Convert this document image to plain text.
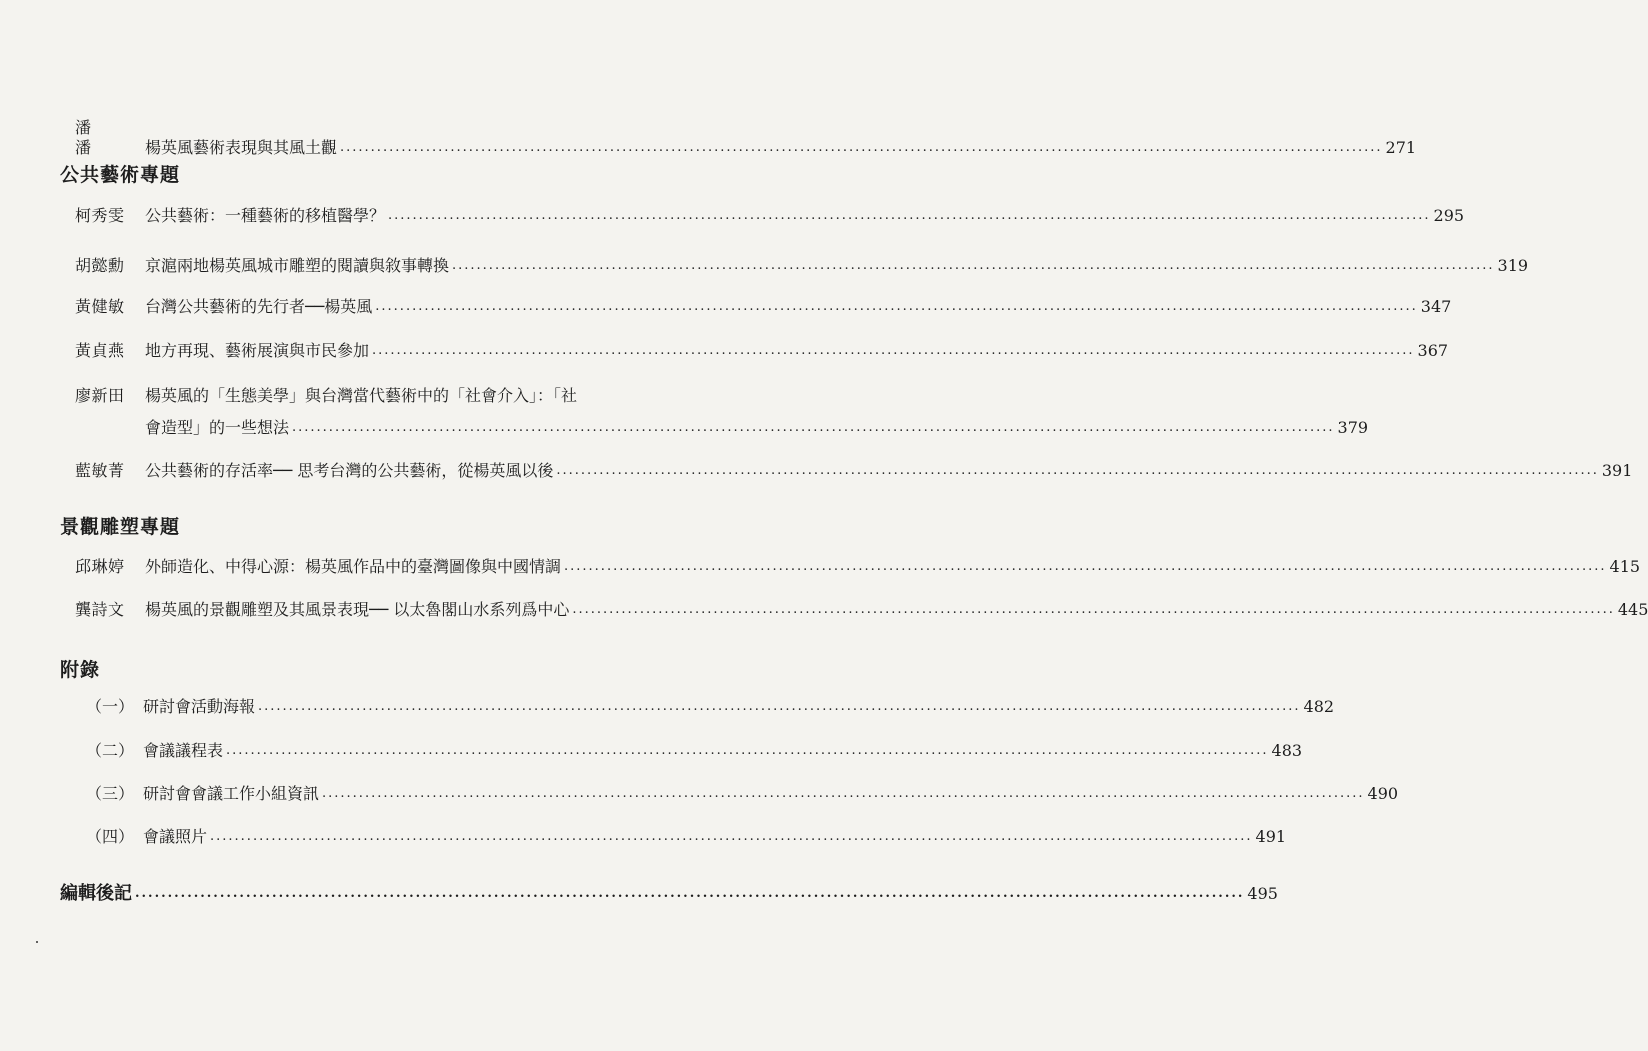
潘　潘	楊英風藝術表現與其風土觀 .....	271
公共藝術專題
柯秀雯	公共藝術：一種藝術的移植醫學？ .....	295
胡懿勳	京滬兩地楊英風城市雕塑的閱讀與敘事轉換 .....	319
黃健敏	台灣公共藝術的先行者──楊英風 .....	347
黃貞燕	地方再現、藝術展演與市民參加 .....	367
廖新田	楊英風的「生態美學」與台灣當代藝術中的「社會介入」：「社
會造型」的一些想法 .....	379
藍敏菁	公共藝術的存活率── 思考台灣的公共藝術，從楊英風以後 .....	391
景觀雕塑專題
邱琳婷	外師造化、中得心源：楊英風作品中的臺灣圖像與中國情調 .....	415
龔詩文	楊英風的景觀雕塑及其風景表現── 以太魯閣山水系列爲中心 .....	445
附錄
（一） 研討會活動海報 .....	482
（二） 會議議程表 .....	483
（三） 研討會會議工作小組資訊 .....	490
（四） 會議照片 .....	491
編輯後記 .....	495
